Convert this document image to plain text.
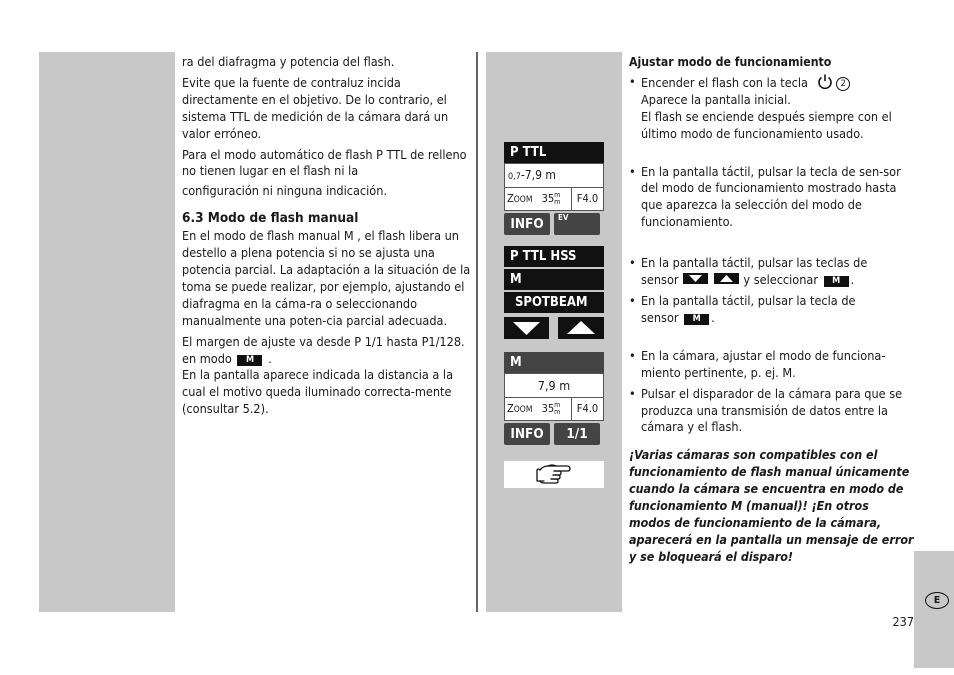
ra del diafragma y potencia del flash.

Evite que la fuente de contraluz incida directamente en el objetivo. De lo contrario, el sistema TTL de medición de la cámara dará un valor erróneo.

Para el modo automático de flash P TTL de relleno no tienen lugar en el flash ni la

configuración ni ninguna indicación.

6.3 Modo de flash manual

En el modo de flash manual M , el flash libera un destello a plena potencia si no se ajusta una potencia parcial. La adaptación a la situación de la toma se puede realizar, por ejemplo, ajustando el diafragma en la cáma-ra o seleccionando manualmente una poten-cia parcial adecuada.

El margen de ajuste va desde P 1/1 hasta P1/128. en modo M .

En la pantalla aparece indicada la distancia a la cual el motivo queda iluminado correcta-mente (consultar 5.2).

P TTL
0,7-7,9 m
ZOOM 35m
m	F4.0
INFO	EV
P TTL HSS
M
SPOTBEAM
M
7,9 m
ZOOM 35m
m	F4.0
INFO	1/1

Ajustar modo de funcionamiento

• Encender el flash con la tecla	2
Aparece la pantalla inicial.
El flash se enciende después siempre con el último modo de funcionamiento usado.
• En la pantalla táctil, pulsar la tecla de sen-sor del modo de funcionamiento mostrado hasta que aparezca la selección del modo de funcionamiento.
• En la pantalla táctil, pulsar las teclas de
sensor
	y seleccionar M .
• En la pantalla táctil, pulsar la tecla de
sensor M .
• En la cámara, ajustar el modo de funciona-miento pertinente, p. ej. M.
• Pulsar el disparador de la cámara para que se produzca una transmisión de datos entre la cámara y el flash.

¡Varias cámaras son compatibles con el funcionamiento de flash manual únicamente cuando la cámara se encuentra en modo de funcionamiento M (manual)! ¡En otros modos de funcionamiento de la cámara, aparecerá en la pantalla un mensaje de error y se bloqueará el disparo!

E
237
